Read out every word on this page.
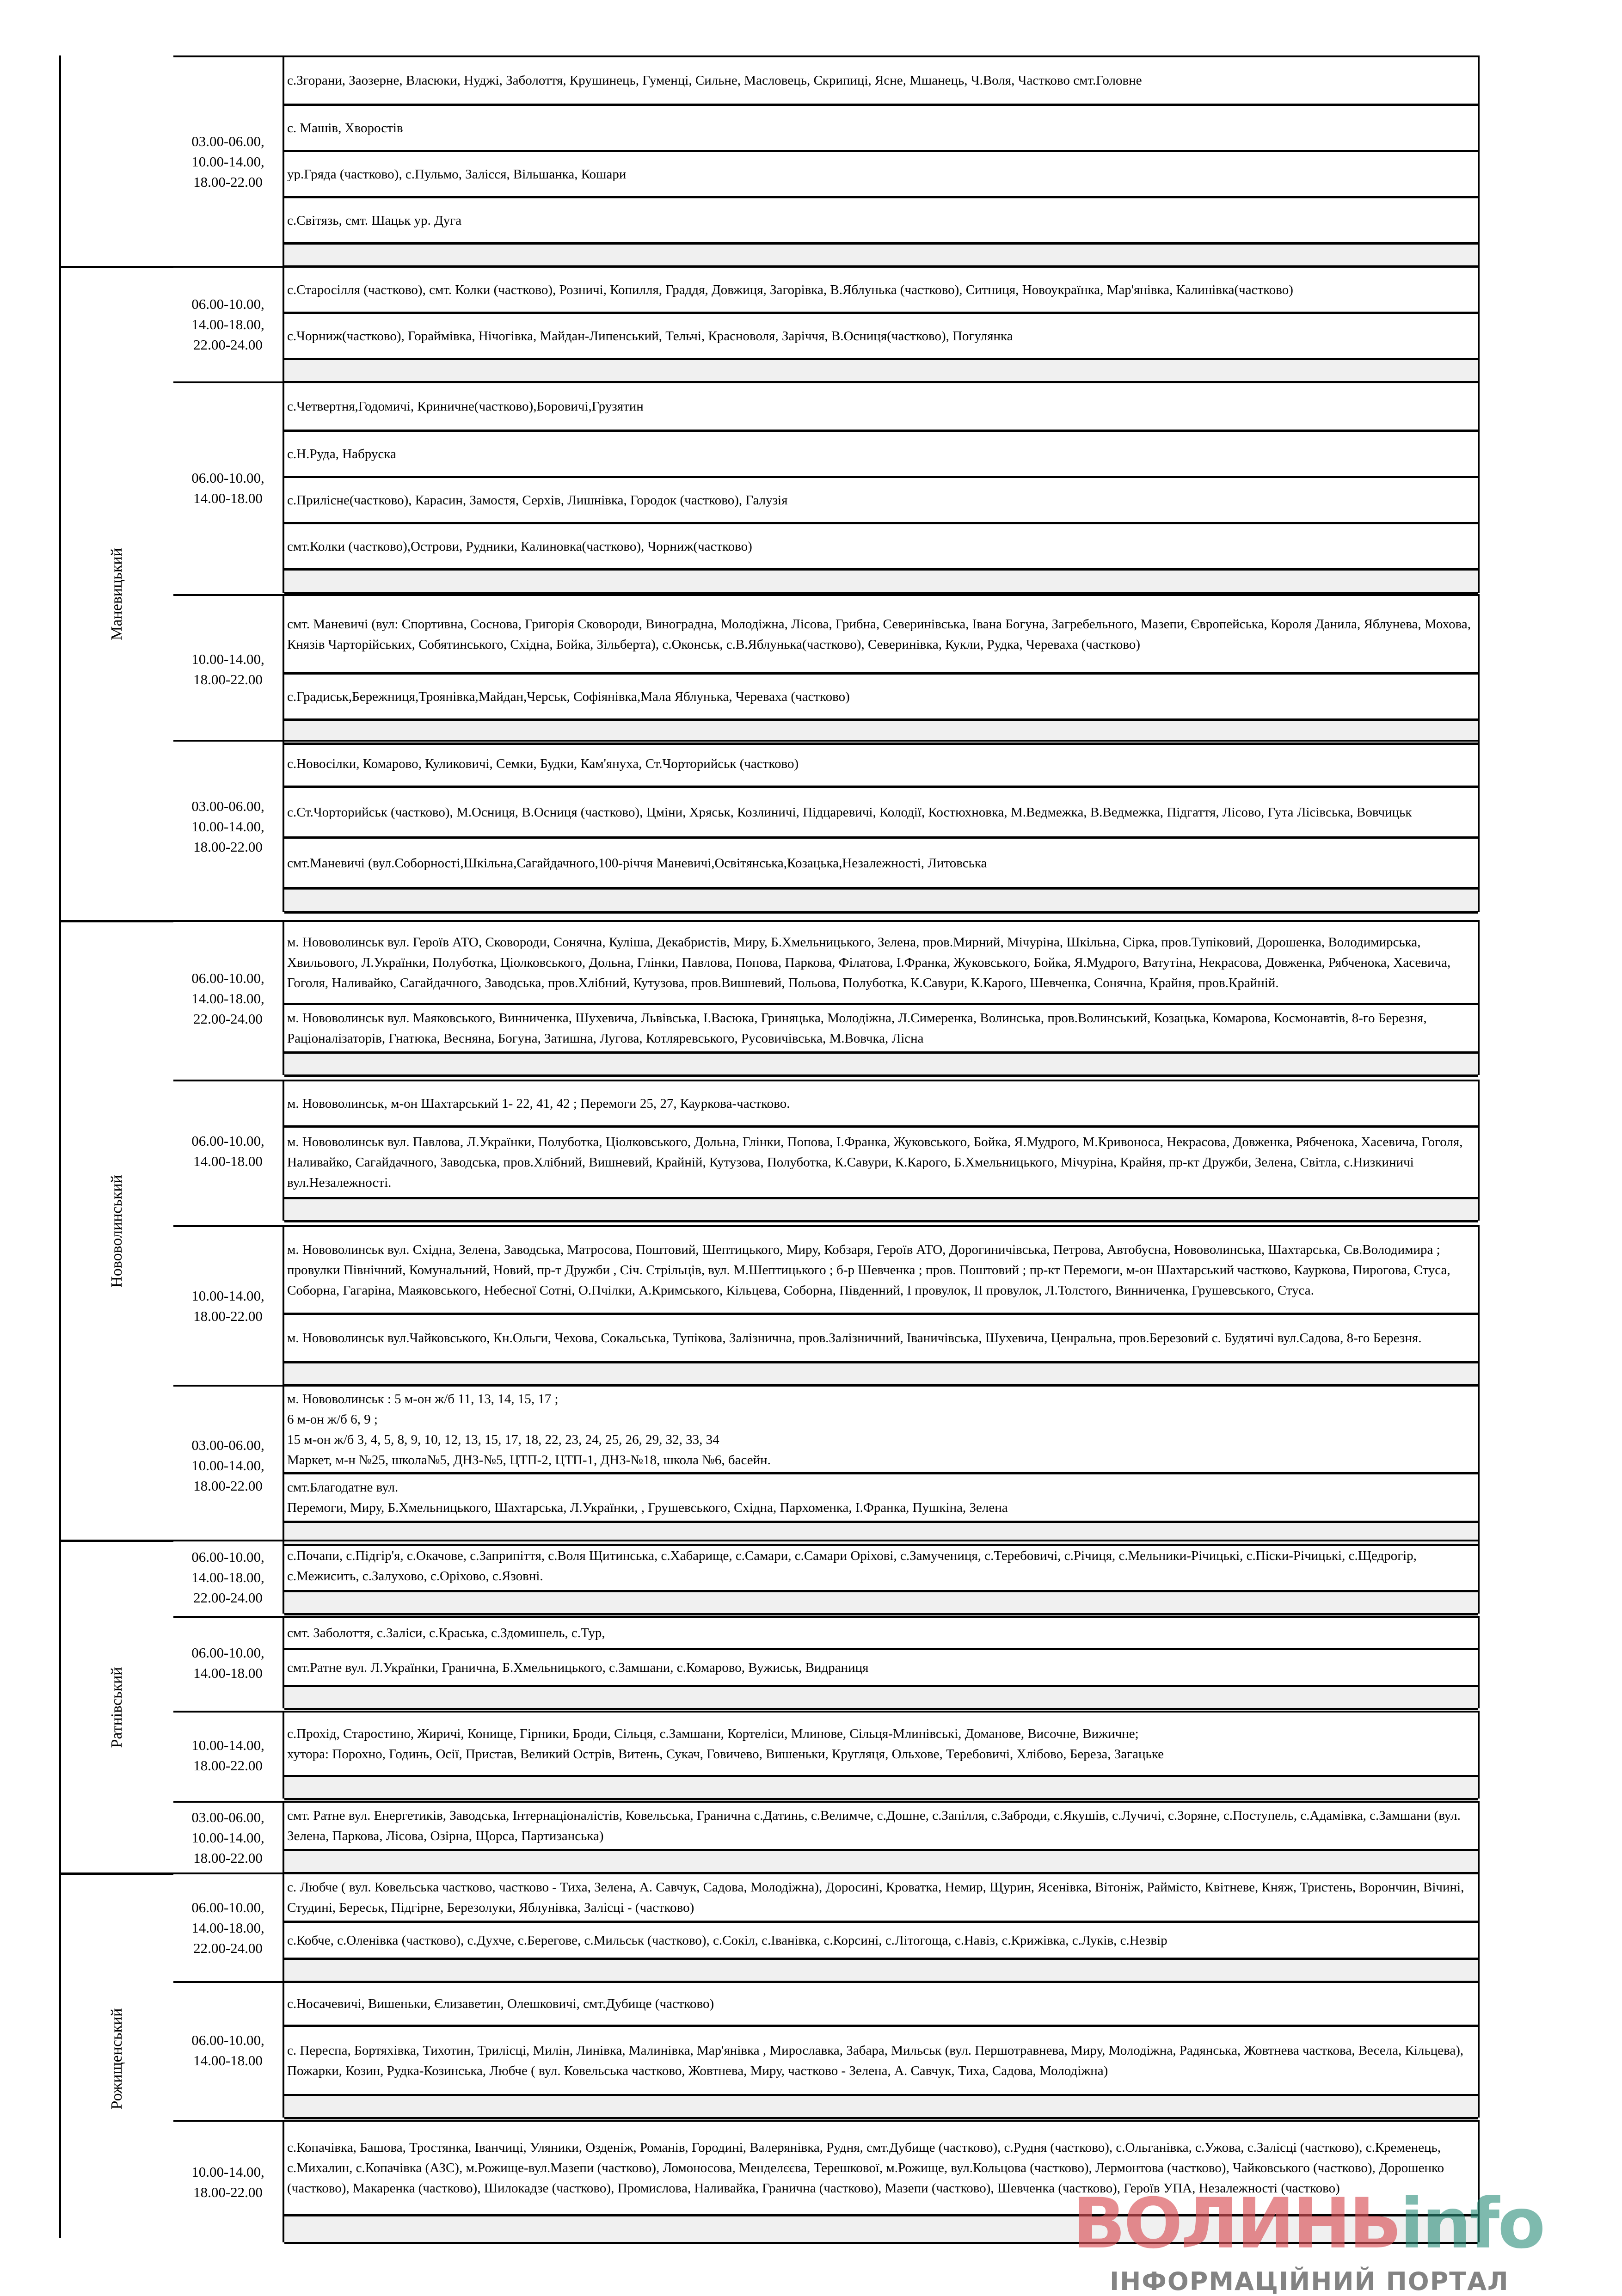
03.00-06.00,
10.00-14.00,
18.00-22.00
с.Згорани, Заозерне, Власюки, Нуджі, Заболоття, Крушинець, Гуменці, Сильне, Масловець, Скрипиці, Ясне, Мшанець, Ч.Воля, Частково смт.Головне
с. Машів, Хворостів
ур.Гряда (частково), с.Пульмо, Заліcся, Вільшанка, Кошари
с.Світязь, смт. Шацьк ур. Дуга
Маневицький
06.00-10.00,
14.00-18.00,
22.00-24.00
с.Старосілля (частково), смт. Колки (частково), Розничі, Копилля, Граддя, Довжиця, Загорівка, В.Яблунька (частково), Ситниця, Новоукраїнка, Мар'янівка, Калинівка(частково)
с.Чорниж(частково), Гораймівка, Нічогівка, Майдан-Липенський, Тельчі, Красноволя, Заріччя, В.Осниця(частково), Погулянка
06.00-10.00,
14.00-18.00
с.Четвертня,Годомичі, Криничне(частково),Боровичі,Грузятин
с.Н.Руда, Набруска
с.Прилісне(частково), Карасин, Замостя, Серхів, Лишнівка, Городок (частково), Галузія
смт.Колки (частково),Острови, Рудники, Калиновка(частково), Чорниж(частково)
10.00-14.00,
18.00-22.00
смт. Маневичі (вул: Спортивна, Соснова, Григорія Сковороди, Виноградна, Молодіжна, Лісова, Грибна, Северинівська, Івана Богуна, Загребельного, Мазепи, Європейська, Короля Данила, Яблунева, Мохова, Князів Чарторійських, Собятинського, Східна, Бойка, Зільберта), с.Оконськ, с.В.Яблунька(частково), Северинівка, Кукли, Рудка, Череваха (частково)
с.Градиськ,Бережниця,Троянівка,Майдан,Черськ, Софіянівка,Мала Яблунька, Череваха (частково)
03.00-06.00,
10.00-14.00,
18.00-22.00
с.Новосілки, Комарово, Куликовичі, Семки, Будки, Кам'януха, Ст.Чорторийськ (частково)
с.Ст.Чорторийськ (частково), М.Осниця, В.Осниця (частково), Цміни, Хряськ, Козлиничі, Підцаревичі, Колодії, Костюхновка, М.Ведмежка, В.Ведмежка, Підгаття, Лісово, Гута Лісівська, Вовчицьк
смт.Маневичі (вул.Соборності,Шкільна,Сагайдачного,100-річчя Маневичі,Освітянська,Козацька,Незалежності, Литовська
Нововолинський
06.00-10.00,
14.00-18.00,
22.00-24.00
м. Нововолинськ вул. Героїв АТО, Сковороди, Сонячна, Куліша, Декабристів, Миру, Б.Хмельницького, Зелена, пров.Мирний, Мічуріна, Шкільна, Сірка, пров.Тупіковий, Дорошенка, Володимирська, Хвильового, Л.Українки, Полуботка, Ціолковського, Дольна, Глінки, Павлова, Попова, Паркова, Філатова, І.Франка, Жуковського, Бойка, Я.Мудрого, Ватутіна, Некрасова, Довженка, Рябченока, Хасевича, Гоголя, Наливайко, Сагайдачного, Заводська, пров.Хлібний, Кутузова, пров.Вишневий, Польова, Полуботка, К.Савури, К.Карого, Шевченка, Сонячна, Крайня, пров.Крайній.
м. Нововолинськ вул. Маяковського, Винниченка, Шухевича, Львівська, І.Васюка, Гриняцька, Молодіжна, Л.Симеренка, Волинська, пров.Волинський, Козацька, Комарова, Космонавтів, 8-го Березня, Раціоналізаторів, Гнатюка, Весняна, Богуна, Затишна, Лугова, Котляревського, Русовичівська, М.Вовчка, Лісна
06.00-10.00,
14.00-18.00
м. Нововолинськ, м-он Шахтарський 1- 22, 41, 42 ; Перемоги 25, 27, Кауркова-частково.
м. Нововолинськ вул. Павлова, Л.Українки, Полуботка, Ціолковського, Дольна, Глінки, Попова, І.Франка, Жуковського, Бойка, Я.Мудрого, М.Кривоноса, Некрасова, Довженка, Рябченока, Хасевича, Гоголя, Наливайко, Сагайдачного, Заводська, пров.Хлібний, Вишневий, Крайній, Кутузова, Полуботка, К.Савури, К.Карого, Б.Хмельницького, Мічуріна, Крайня, пр-кт Дружби, Зелена, Світла, с.Низкиничі вул.Незалежності.
10.00-14.00,
18.00-22.00
м. Нововолинськ вул. Східна, Зелена, Заводська, Матросова, Поштовий, Шептицького, Миру, Кобзаря, Героїв АТО, Дорогиничівська, Петрова, Автобусна, Нововолинська, Шахтарська, Св.Володимира ; провулки Північний, Комунальний, Новий, пр-т Дружби , Січ. Стрільців, вул. М.Шептицького ; б-р Шевченка ; пров. Поштовий ; пр-кт Перемоги, м-он Шахтарський частково, Кауркова, Пирогова, Стуса, Соборна, Гагаріна, Маяковського, Небесної Сотні, О.Пчілки, А.Кримського, Кільцева, Соборна, Південний, І провулок, ІІ провулок, Л.Толстого, Винниченка, Грушевського, Стуса.
м. Нововолинськ вул.Чайковського, Кн.Ольги, Чехова, Сокальська, Тупікова, Залізнична, пров.Залізничний, Іваничівська, Шухевича, Ценральна, пров.Березовий с. Будятичі вул.Садова, 8-го Березня.
03.00-06.00,
10.00-14.00,
18.00-22.00
м. Нововолинськ : 5 м-он ж/б 11, 13, 14, 15, 17 ;
6 м-он ж/б 6, 9 ;
15 м-он ж/б 3, 4, 5, 8, 9, 10, 12, 13, 15, 17, 18, 22, 23, 24, 25, 26, 29, 32, 33, 34
Маркет, м-н №25, школа№5, ДНЗ-№5, ЦТП-2, ЦТП-1, ДНЗ-№18, школа №6, басейн.
смт.Благодатне вул.
Перемоги, Миру, Б.Хмельницького, Шахтарська, Л.Українки, , Грушевського, Східна, Пархоменка, І.Франка, Пушкіна, Зелена
Ратнівський
06.00-10.00,
14.00-18.00,
22.00-24.00
с.Почапи, с.Підгір'я, с.Окачове, с.Заприпіття, с.Воля Щитинська, с.Хабарище, с.Самари, с.Самари Оріхові, с.Замучениця, с.Теребовичі, с.Річиця, с.Мельники-Річицькі, с.Піски-Річицькі, с.Щедрогір, с.Межисить, с.Залухово, с.Оріхово, с.Язовні.
06.00-10.00,
14.00-18.00
смт. Заболоття, с.Заліси, с.Краська, с.Здомишель, с.Тур,
смт.Ратне вул. Л.Українки, Гранична, Б.Хмельницького, с.Замшани, с.Комарово, Вужиськ, Видраниця
10.00-14.00,
18.00-22.00
с.Прохід, Старостино, Жиричі, Конище, Гірники, Броди, Сільця, с.Замшани, Кортеліси, Млинове, Сільця-Млинівські, Доманове, Височне, Вижичне;
хутора: Порохно, Годинь, Осії, Пристав, Великий Острів, Витень, Сукач, Говичево, Вишеньки, Кругляця, Ольхове, Теребовичі, Хлібово, Береза, Загацьке
03.00-06.00,
10.00-14.00,
18.00-22.00
смт. Ратне вул. Енергетиків, Заводська, Інтернаціоналістів, Ковельська, Гранична с.Датинь, с.Велимче, с.Дошне, с.Запілля, с.Заброди, с.Якушів, с.Лучичі, с.Зоряне, с.Поступель, с.Адамівка, с.Замшани (вул. Зелена, Паркова, Лісова, Озірна, Щорса, Партизанська)
Рожищенський
06.00-10.00,
14.00-18.00,
22.00-24.00
с. Любче ( вул. Ковельська частково, частково - Тиха, Зелена, А. Савчук, Садова, Молодіжна), Доросині, Кроватка, Немир, Щурин, Ясенівка, Вітоніж, Раймісто, Квітневе, Княж, Тристень, Ворончин, Вічині, Студині, Береськ, Підгірне, Березолуки, Яблунівка, Залісці - (частково)
с.Кобче, с.Оленівка (частково), с.Духче, с.Берегове, с.Мильськ (частково), с.Сокіл, с.Іванівка, с.Корсині, с.Літогоща, с.Навіз, с.Крижівка, с.Луків, с.Незвір
06.00-10.00,
14.00-18.00
с.Носачевичі, Вишеньки, Єлизаветин, Олешковичі, смт.Дубище (частково)
с. Переспа, Бортяхівка, Тихотин, Трилісці, Милін, Линівка, Малинівка, Мар'янівка , Мирославка, Забара, Мильськ (вул. Першотравнева, Миру, Молодіжна, Радянська, Жовтнева часткова, Весела, Кільцева), Пожарки, Козин, Рудка-Козинська, Любче ( вул. Ковельська частково, Жовтнева, Миру, частково - Зелена, А. Савчук, Тиха, Садова, Молодіжна)
10.00-14.00,
18.00-22.00
с.Копачівка, Башова, Тростянка, Іванчиці, Уляники, Озденіж, Романів, Городині, Валерянівка, Рудня, смт.Дубище (частково), с.Рудня (частково), с.Ольганівка, с.Ужова, с.Залісці (частково), с.Кременець, с.Михалин, с.Копачівка (АЗС), м.Рожище-вул.Мазепи (частково), Ломоносова, Менделєєва, Терешкової, м.Рожище, вул.Кольцова (частково), Лермонтова (частково), Чайковського (частково), Дорошенко (частково), Макаренка (частково), Шилокадзе (частково), Промислова, Наливайка, Гранична (частково), Мазепи (частково), Шевченка (частково), Героїв УПА, Незалежності (частково)
ВОЛИНЬinfo
ІНФОРМАЦІЙНИЙ ПОРТАЛ
